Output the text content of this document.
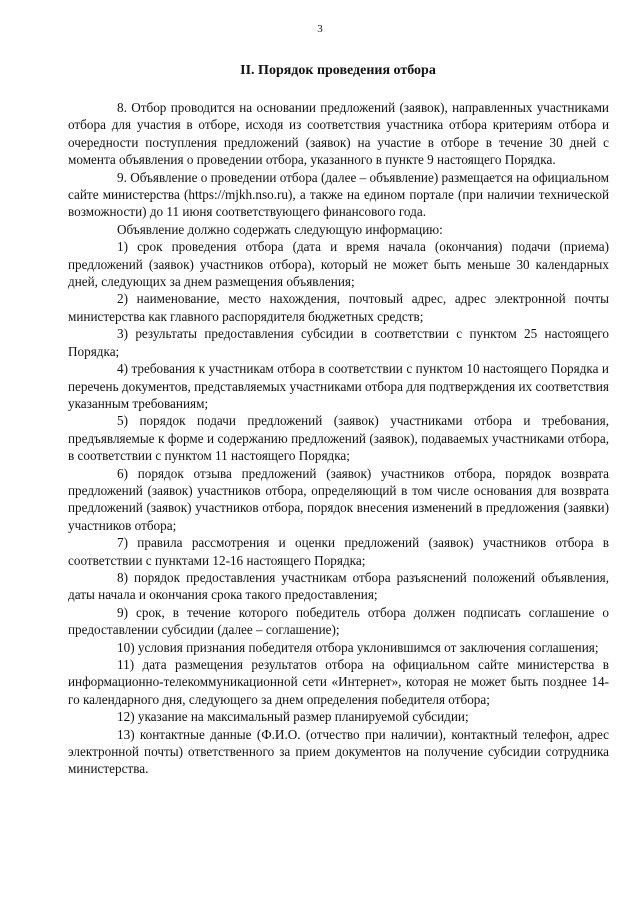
3
II. Порядок проведения отбора

8. Отбор проводится на основании предложений (заявок), направленных участниками отбора для участия в отборе, исходя из соответствия участника отбора критериям отбора и очередности поступления предложений (заявок) на участие в отборе в течение 30 дней с момента объявления о проведении отбора, указанного в пункте 9 настоящего Порядка.

9. Объявление о проведении отбора (далее – объявление) размещается на официальном сайте министерства (https://mjkh.nso.ru), а также на едином портале (при наличии технической возможности) до 11 июня соответствующего финансового года.

Объявление должно содержать следующую информацию:

1) срок проведения отбора (дата и время начала (окончания) подачи (приема) предложений (заявок) участников отбора), который не может быть меньше 30 календарных дней, следующих за днем размещения объявления;

2) наименование, место нахождения, почтовый адрес, адрес электронной почты министерства как главного распорядителя бюджетных средств;

3) результаты предоставления субсидии в соответствии с пунктом 25 настоящего Порядка;

4) требования к участникам отбора в соответствии с пунктом 10 настоящего Порядка и перечень документов, представляемых участниками отбора для подтверждения их соответствия указанным требованиям;

5) порядок подачи предложений (заявок) участниками отбора и требования, предъявляемые к форме и содержанию предложений (заявок), подаваемых участниками отбора, в соответствии с пунктом 11 настоящего Порядка;

6) порядок отзыва предложений (заявок) участников отбора, порядок возврата предложений (заявок) участников отбора, определяющий в том числе основания для возврата предложений (заявок) участников отбора, порядок внесения изменений в предложения (заявки) участников отбора;

7) правила рассмотрения и оценки предложений (заявок) участников отбора в соответствии с пунктами 12-16 настоящего Порядка;

8) порядок предоставления участникам отбора разъяснений положений объявления, даты начала и окончания срока такого предоставления;

9) срок, в течение которого победитель отбора должен подписать соглашение о предоставлении субсидии (далее – соглашение);

10) условия признания победителя отбора уклонившимся от заключения соглашения;

11) дата размещения результатов отбора на официальном сайте министерства в информационно-телекоммуникационной сети «Интернет», которая не может быть позднее 14-го календарного дня, следующего за днем определения победителя отбора;

12) указание на максимальный размер планируемой субсидии;

13) контактные данные (Ф.И.О. (отчество при наличии), контактный телефон, адрес электронной почты) ответственного за прием документов на получение субсидии сотрудника министерства.
